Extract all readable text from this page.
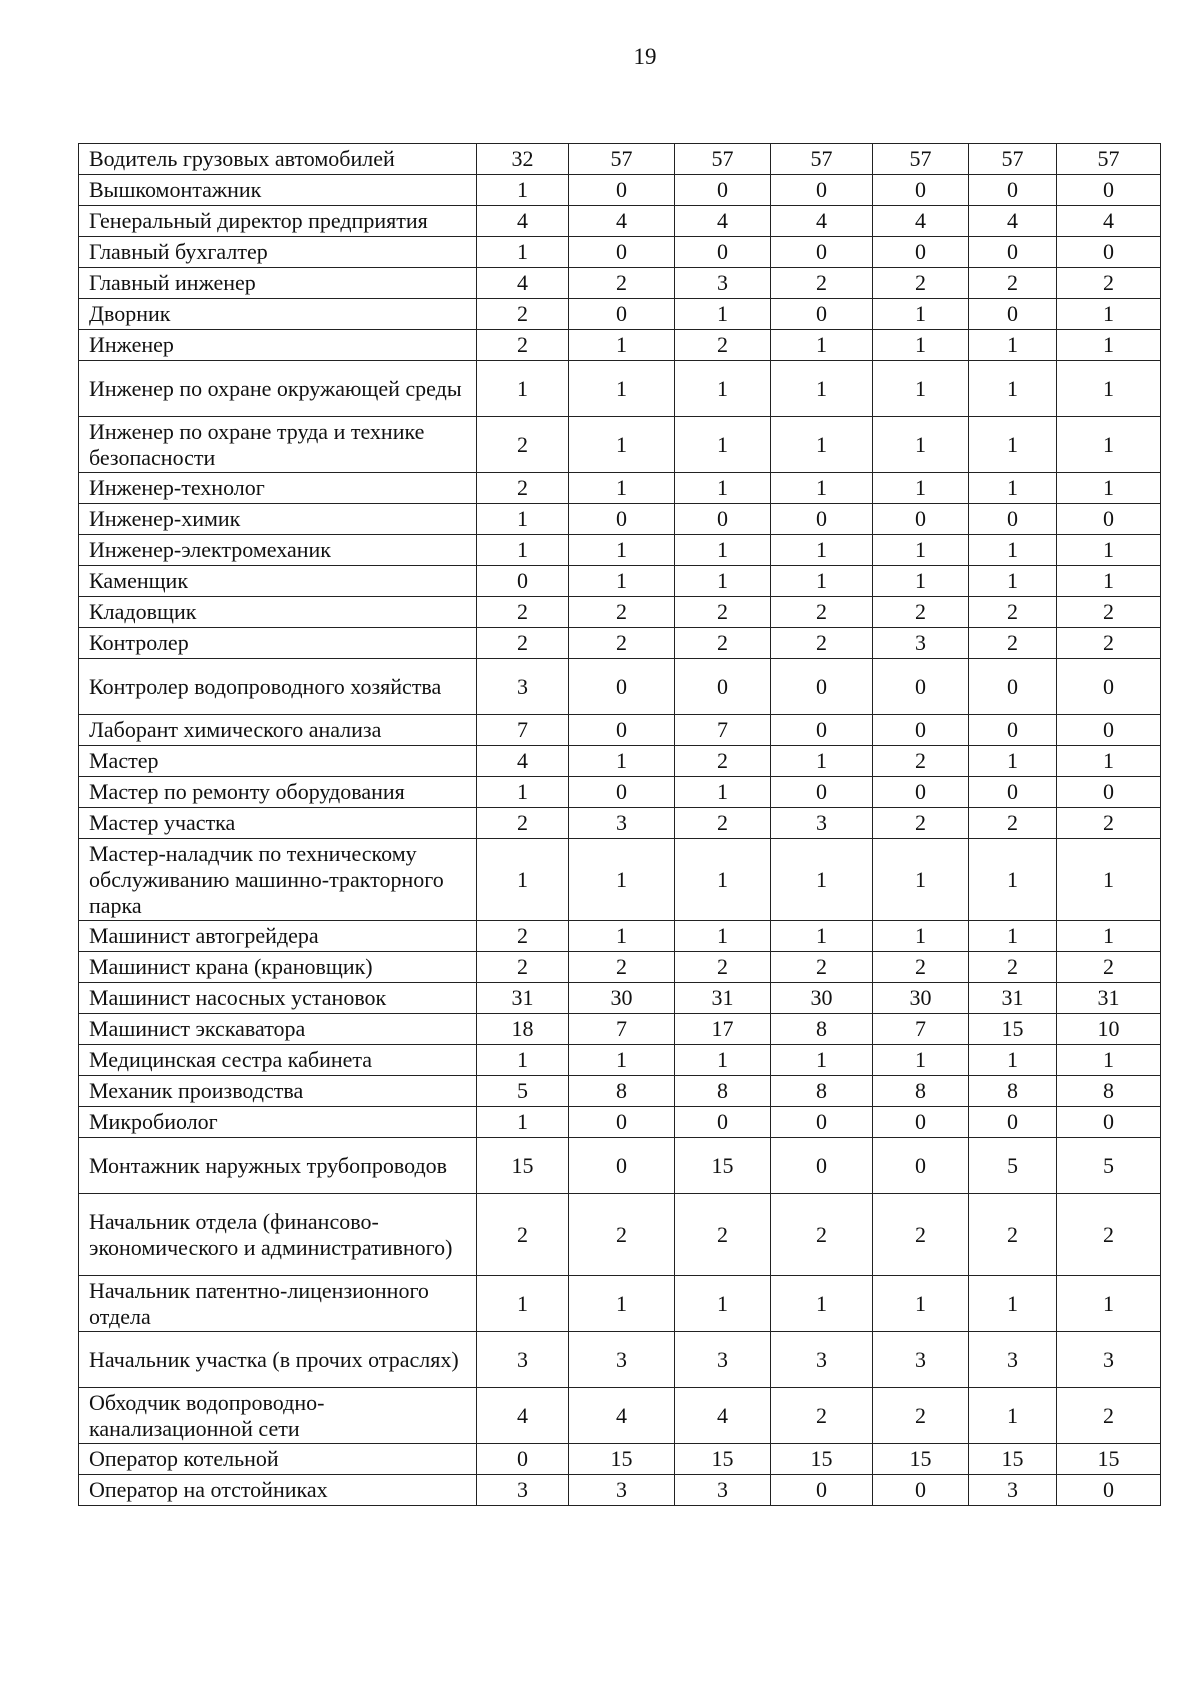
19
Водитель грузовых автомобилей	32	57	57	57	57	57	57
Вышкомонтажник	1	0	0	0	0	0	0
Генеральный директор предприятия	4	4	4	4	4	4	4
Главный бухгалтер	1	0	0	0	0	0	0
Главный инженер	4	2	3	2	2	2	2
Дворник	2	0	1	0	1	0	1
Инженер	2	1	2	1	1	1	1
Инженер по охране окружающей среды	1	1	1	1	1	1	1
Инженер по охране труда и технике безопасности	2	1	1	1	1	1	1
Инженер-технолог	2	1	1	1	1	1	1
Инженер-химик	1	0	0	0	0	0	0
Инженер-электромеханик	1	1	1	1	1	1	1
Каменщик	0	1	1	1	1	1	1
Кладовщик	2	2	2	2	2	2	2
Контролер	2	2	2	2	3	2	2
Контролер водопроводного хозяйства	3	0	0	0	0	0	0
Лаборант химического анализа	7	0	7	0	0	0	0
Мастер	4	1	2	1	2	1	1
Мастер по ремонту оборудования	1	0	1	0	0	0	0
Мастер участка	2	3	2	3	2	2	2
Мастер-наладчик по техническому обслуживанию машинно-тракторного парка	1	1	1	1	1	1	1
Машинист автогрейдера	2	1	1	1	1	1	1
Машинист крана (крановщик)	2	2	2	2	2	2	2
Машинист насосных установок	31	30	31	30	30	31	31
Машинист экскаватора	18	7	17	8	7	15	10
Медицинская сестра кабинета	1	1	1	1	1	1	1
Механик производства	5	8	8	8	8	8	8
Микробиолог	1	0	0	0	0	0	0
Монтажник наружных трубопроводов	15	0	15	0	0	5	5
Начальник отдела (финансово-экономического и административного)	2	2	2	2	2	2	2
Начальник патентно-лицензионного отдела	1	1	1	1	1	1	1
Начальник участка (в прочих отраслях)	3	3	3	3	3	3	3
Обходчик водопроводно-канализационной сети	4	4	4	2	2	1	2
Оператор котельной	0	15	15	15	15	15	15
Оператор на отстойниках	3	3	3	0	0	3	0
